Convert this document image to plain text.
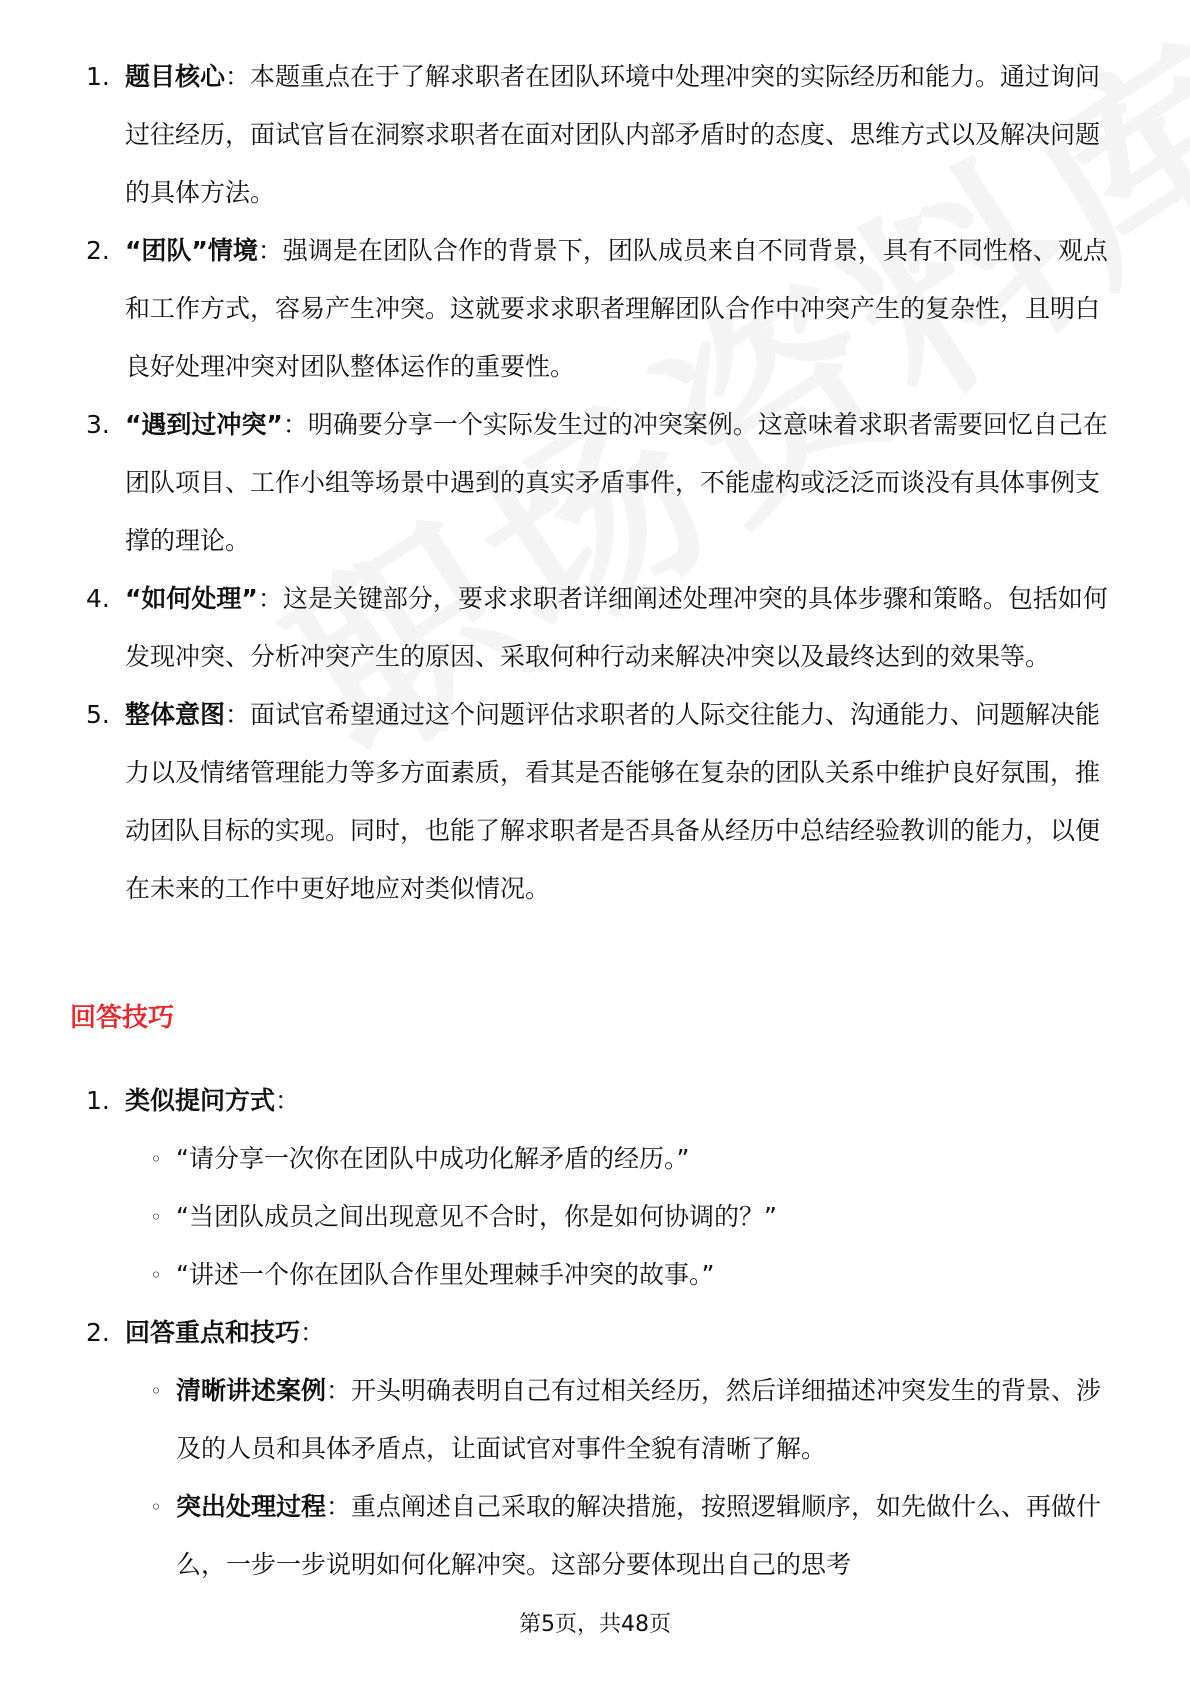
1. 题目核心：本题重点在于了解求职者在团队环境中处理冲突的实际经历和能力。通过询问过往经历，面试官旨在洞察求职者在面对团队内部矛盾时的态度、思维方式以及解决问题的具体方法。
2. “团队”情境：强调是在团队合作的背景下，团队成员来自不同背景，具有不同性格、观点和工作方式，容易产生冲突。这就要求求职者理解团队合作中冲突产生的复杂性，且明白良好处理冲突对团队整体运作的重要性。
3. “遇到过冲突”：明确要分享一个实际发生过的冲突案例。这意味着求职者需要回忆自己在团队项目、工作小组等场景中遇到的真实矛盾事件，不能虚构或泛泛而谈没有具体事例支撑的理论。
4. “如何处理”：这是关键部分，要求求职者详细阐述处理冲突的具体步骤和策略。包括如何发现冲突、分析冲突产生的原因、采取何种行动来解决冲突以及最终达到的效果等。
5. 整体意图：面试官希望通过这个问题评估求职者的人际交往能力、沟通能力、问题解决能力以及情绪管理能力等多方面素质，看其是否能够在复杂的团队关系中维护良好氛围，推动团队目标的实现。同时，也能了解求职者是否具备从经历中总结经验教训的能力，以便在未来的工作中更好地应对类似情况。
回答技巧
1. 类似提问方式：
◦ “请分享一次你在团队中成功化解矛盾的经历。”
◦ “当团队成员之间出现意见不合时，你是如何协调的？”
◦ “讲述一个你在团队合作里处理棘手冲突的故事。”
2. 回答重点和技巧：
◦ 清晰讲述案例：开头明确表明自己有过相关经历，然后详细描述冲突发生的背景、涉及的人员和具体矛盾点，让面试官对事件全貌有清晰了解。
◦ 突出处理过程：重点阐述自己采取的解决措施，按照逻辑顺序，如先做什么、再做什么，一步一步说明如何化解冲突。这部分要体现出自己的思考
第5页，共48页
